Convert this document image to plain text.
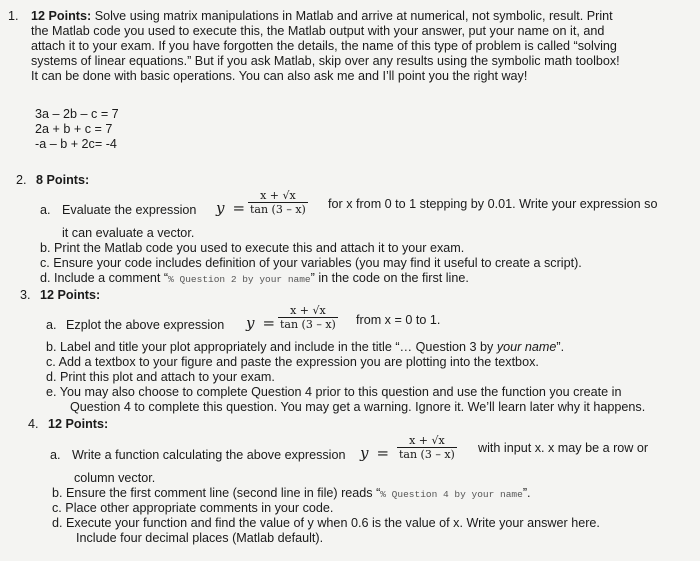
1. 12 Points: Solve using matrix manipulations in Matlab and arrive at numerical, not symbolic, result. Print
the Matlab code you used to execute this, the Matlab output with your answer, put your name on it, and
attach it to your exam. If you have forgotten the details, the name of this type of problem is called “solving
systems of linear equations.” But if you ask Matlab, skip over any results using the symbolic math toolbox!
It can be done with basic operations. You can also ask me and I’ll point you the right way!
3a – 2b – c = 7
2a + b + c = 7
-a – b + 2c= -4
2. 8 Points:
a. Evaluate the expression $y = \frac{x + √x}{\tan (3 - x)}$ for x from 0 to 1 stepping by 0.01. Write your expression so
it can evaluate a vector.
b. Print the Matlab code you used to execute this and attach it to your exam.
c. Ensure your code includes definition of your variables (you may find it useful to create a script).
d. Include a comment “% Question 2 by your name” in the code on the first line.
3. 12 Points:
a. Ezplot the above expression $y = \frac{x + √x}{\tan (3 - x)}$ from x = 0 to 1.
b. Label and title your plot appropriately and include in the title “… Question 3 by your name”.
c. Add a textbox to your figure and paste the expression you are plotting into the textbox.
d. Print this plot and attach to your exam.
e. You may also choose to complete Question 4 prior to this question and use the function you create in
Question 4 to complete this question. You may get a warning. Ignore it. We’ll learn later why it happens.
4. 12 Points:
a. Write a function calculating the above expression $y = \frac{x + √x}{\tan (3 - x)}$ with input x. x may be a row or
column vector.
b. Ensure the first comment line (second line in file) reads “% Question 4 by your name”.
c. Place other appropriate comments in your code.
d. Execute your function and find the value of y when 0.6 is the value of x. Write your answer here.
Include four decimal places (Matlab default).
